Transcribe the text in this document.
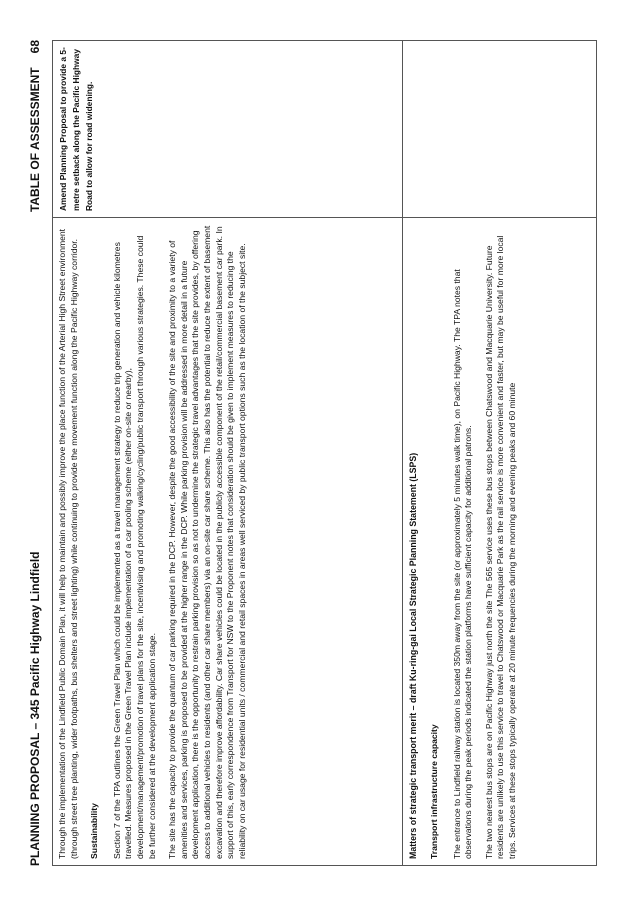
PLANNING PROPOSAL – 345 Pacific Highway Lindfield
TABLE OF ASSESSMENT68

Through the implementation of the Lindfield Public Domain Plan, it will help to maintain and possibly improve the place function of the Arterial High Street environment (through street tree planting, wider footpaths, bus shelters and street lighting) while continuing to provide the movement function along the Pacific Highway corridor. Sustainability Section 7 of the TPA outlines the Green Travel Plan which could be implemented as a travel management strategy to reduce trip generation and vehicle kilometres travelled. Measures proposed in the Green Travel Plan include implementation of a car pooling scheme (either on-site or nearby), development/management/promotion of travel plans for the site, incentivising and promoting walking/cycling/public transport through various strategies. These could be further considered at the development application stage. The site has the capacity to provide the quantum of car parking required in the DCP. However, despite the good accessibility of the site and proximity to a variety of amenities and services, parking is proposed to be provided at the higher range in the DCP. While parking provision will be addressed in more detail in a future development application, there is the opportunity to restrain parking provision so as not to undermine the strategic travel advantages that the site provides, by offering access to additional vehicles to residents (and other car share members) via an on-site car share scheme. This also has the potential to reduce the extent of basement excavation and therefore improve affordability. Car share vehicles could be located in the publicly accessible component of the retail/commercial basement car park. In support of this, early correspondence from Transport for NSW to the Proponent notes that consideration should be given to implement measures to reducing the reliability on car usage for residential units / commercial and retail spaces in areas well serviced by public transport options such as the location of the subject site.

Amend Planning Proposal to provide a 5-metre setback along the Pacific Highway Road to allow for road widening.
Matters of strategic transport merit – draft Ku-ring-gai Local Strategic Planning Statement (LSPS) Transport infrastructure capacity The entrance to Lindfield railway station is located 350m away from the site (or approximately 5 minutes walk time), on Pacific Highway. The TPA notes that observations during the peak periods indicated the station platforms have sufficient capacity for additional patrons. The two nearest bus stops are on Pacific Highway just north the site The 565 service uses these bus stops between Chatswood and Macquarie University. Future residents are unlikely to use this service to travel to Chatswood or Macquarie Park as the rail service is more convenient and faster, but may be useful for more local trips. Services at these stops typically operate at 20 minute frequencies during the morning and evening peaks and 60 minute
